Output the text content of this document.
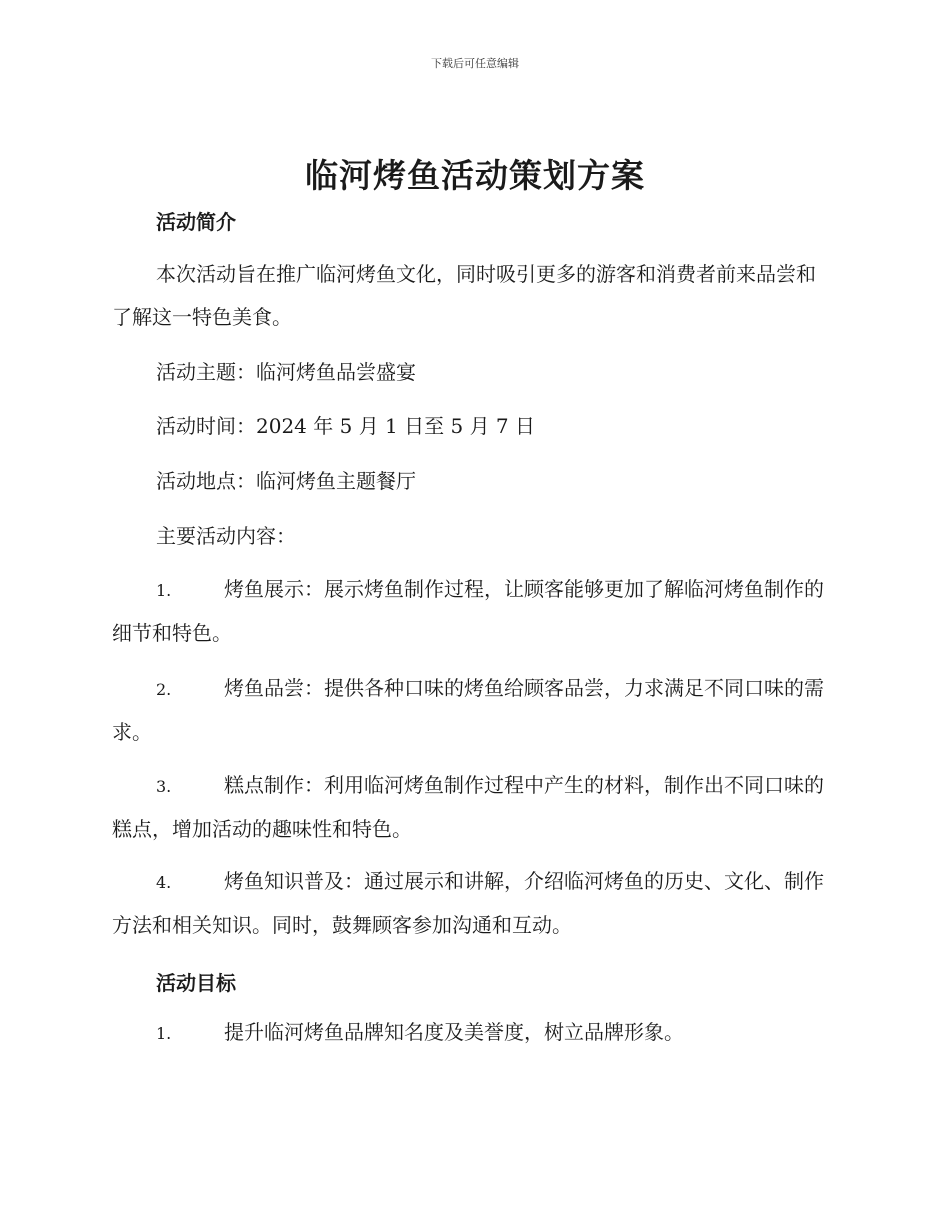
下载后可任意编辑
临河烤鱼活动策划方案
活动简介

本次活动旨在推广临河烤鱼文化，同时吸引更多的游客和消费者前来品尝和了解这一特色美食。

活动主题：临河烤鱼品尝盛宴

活动时间：2024 年 5 月 1 日至 5 月 7 日

活动地点：临河烤鱼主题餐厅

主要活动内容：

1.	烤鱼展示：展示烤鱼制作过程，让顾客能够更加了解临河烤鱼制作的细节和特色。

2.	烤鱼品尝：提供各种口味的烤鱼给顾客品尝，力求满足不同口味的需求。

3.	糕点制作：利用临河烤鱼制作过程中产生的材料，制作出不同口味的糕点，增加活动的趣味性和特色。

4.	烤鱼知识普及：通过展示和讲解，介绍临河烤鱼的历史、文化、制作方法和相关知识。同时，鼓舞顾客参加沟通和互动。

活动目标

1.	提升临河烤鱼品牌知名度及美誉度，树立品牌形象。
